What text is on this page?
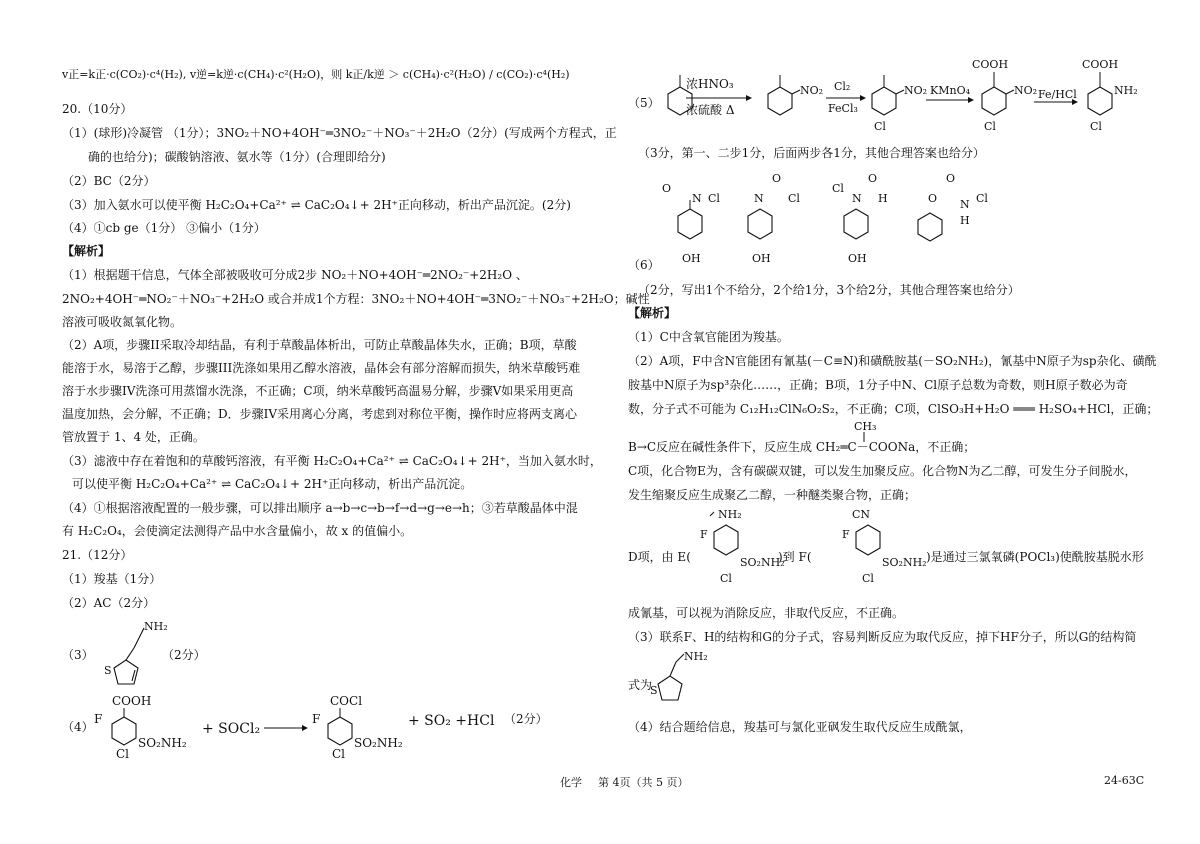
v正=k正·c(CO₂)·c⁴(H₂), v逆=k逆·c(CH₄)·c²(H₂O)，则 k正/k逆 ＞ c(CH₄)·c²(H₂O) / c(CO₂)·c⁴(H₂)
20.（10分）
（1）(球形)冷凝管 （1分）；3NO₂＋NO+4OH⁻═3NO₂⁻＋NO₃⁻＋2H₂O（2分）(写成两个方程式，正
确的也给分)；碳酸钠溶液、氨水等（1分）(合理即给分)
（2）BC（2分）
（3）加入氨水可以使平衡 H₂C₂O₄+Ca²⁺ ⇌ CaC₂O₄↓+ 2H⁺正向移动，析出产品沉淀。(2分)
（4）①cb ge（1分） ③偏小（1分）
【解析】
（1）根据题干信息，气体全部被吸收可分成2步 NO₂＋NO+4OH⁻═2NO₂⁻+2H₂O 、
2NO₂+4OH⁻═NO₂⁻＋NO₃⁻+2H₂O 或合并成1个方程：3NO₂＋NO+4OH⁻═3NO₂⁻＋NO₃⁻+2H₂O；碱性
溶液可吸收氮氧化物。
（2）A项，步骤II采取冷却结晶，有利于草酸晶体析出，可防止草酸晶体失水，正确；B项，草酸
能溶于水，易溶于乙醇，步骤III洗涤如果用乙醇水溶液，晶体会有部分溶解而损失，纳米草酸钙难
溶于水步骤IV洗涤可用蒸馏水洗涤，不正确；C项，纳米草酸钙高温易分解，步骤V如果采用更高
温度加热，会分解，不正确；D．步骤IV采用离心分离，考虑到对称位平衡，操作时应将两支离心
管放置于 1、4 处，正确。
（3）滤液中存在着饱和的草酸钙溶液，有平衡 H₂C₂O₄+Ca²⁺ ⇌ CaC₂O₄↓+ 2H⁺，当加入氨水时，
可以使平衡 H₂C₂O₄+Ca²⁺ ⇌ CaC₂O₄↓+ 2H⁺正向移动，析出产品沉淀。
（4）①根据溶液配置的一般步骤，可以排出顺序 a→b→c→b→f→d→g→e→h；③若草酸晶体中混
有 H₂C₂O₄，会使滴定法测得产品中水含量偏小，故 x 的值偏小。
21.（12分）
（1）羧基（1分）
（2）AC（2分）
（3）	（2分）
（4）
（2分）
NH₂
S
COOH
F
SO₂NH₂
Cl
+ SOCl₂
COCl
F
SO₂NH₂
Cl
+ SO₂ +HCl
（5）
（3分，第一、二步1分，后面两步各1分，其他合理答案也给分）
（6）
（2分，写出1个不给分，2个给1分，3个给2分，其他合理答案也给分）
【解析】
（1）C中含氧官能团为羧基。
（2）A项，F中含N官能团有氰基(－C≡N)和磺酰胺基(－SO₂NH₂)，氰基中N原子为sp杂化、磺酰
胺基中N原子为sp³杂化……，正确；B项，1分子中N、Cl原子总数为奇数，则H原子数必为奇
数，分子式不可能为 C₁₂H₁₂ClN₆O₂S₂，不正确；C项，ClSO₃H+H₂O ═══ H₂SO₄+HCl，正确；
CH₃
B→C反应在碱性条件下，反应生成 CH₂═C－COONa，不正确；
C项，化合物E为，含有碳碳双键，可以发生加聚反应。化合物N为乙二醇，可发生分子间脱水，
发生缩聚反应生成聚乙二醇，一种醚类聚合物，正确；
D项，由 E(	)到 F(	)是通过三氯氧磷(POCl₃)使酰胺基脱水形
成氰基，可以视为消除反应，非取代反应，不正确。
（3）联系F、H的结构和G的分子式，容易判断反应为取代反应，掉下HF分子，所以G的结构简
式为
（4）结合题给信息，羧基可与氯化亚砜发生取代反应生成酰氯，
浓HNO₃
浓硫酸 Δ
NO₂ Cl₂
FeCl₃
NO₂
Cl
KMnO₄
COOH
NO₂
Cl
Fe/HCl
COOH
NH₂
Cl
O
N Cl
OH
O
N Cl
OH
Cl
N
O
H
OH
O
O N Cl
H
NH₂
F
SO₂NH₂
Cl
CN
F
SO₂NH₂
Cl
NH₂
S
化学 第 4页（共 5 页）	24-63C
